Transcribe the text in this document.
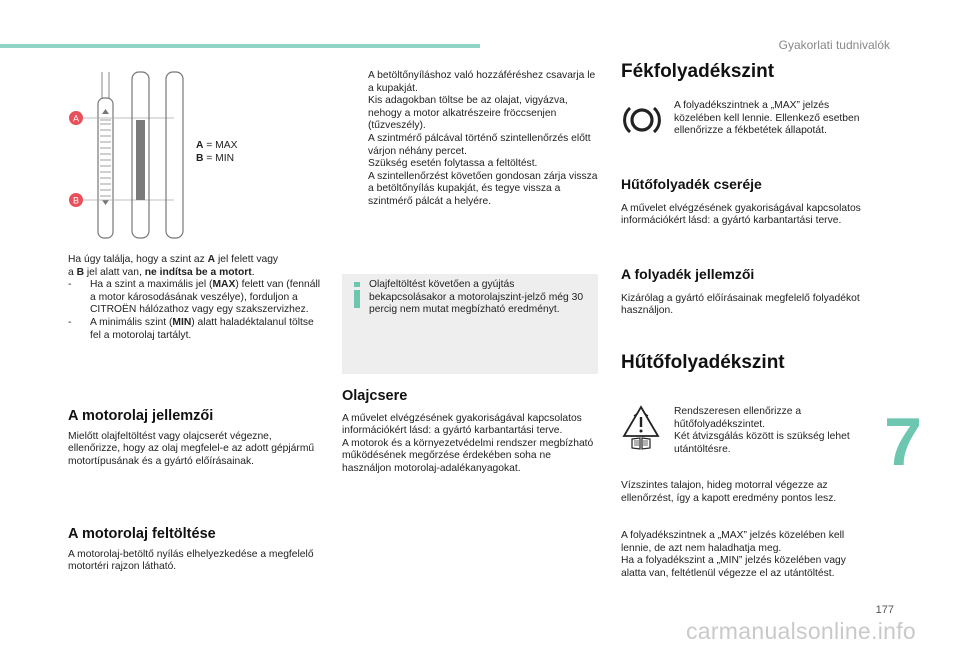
Gyakorlati tudnivalók
A
B
A = MAX
B = MIN

Ha úgy találja, hogy a szint az A jel felett vagy
a B jel alatt van, ne indítsa be a motort.

- Ha a szint a maximális jel (MAX) felett van (fennáll a motor károsodásának veszélye), forduljon a CITROËN hálózathoz vagy egy szakszervizhez.
- A minimális szint (MIN) alatt haladéktalanul töltse fel a motorolaj tartályt.
A motorolaj jellemzői

Mielőtt olajfeltöltést vagy olajcserét végezne, ellenőrizze, hogy az olaj megfelel-e az adott gépjármű motortípusának és a gyártó előírásainak.

A motorolaj feltöltése

A motorolaj-betöltő nyílás elhelyezkedése a megfelelő motortéri rajzon látható.

A betöltőnyíláshoz való hozzáféréshez csavarja le a kupakját.
Kis adagokban töltse be az olajat, vigyázva, nehogy a motor alkatrészeire fröccsenjen (tűzveszély).
A szintmérő pálcával történő szintellenőrzés előtt várjon néhány percet.
Szükség esetén folytassa a feltöltést.
A szintellenőrzést követően gondosan zárja vissza a betöltőnyílás kupakját, és tegye vissza a szintmérő pálcát a helyére.

Olajfeltöltést követően a gyújtás bekapcsolásakor a motorolajszint-jelző még 30 percig nem mutat megbízható eredményt.

Olajcsere

A művelet elvégzésének gyakoriságával kapcsolatos információkért lásd: a gyártó karbantartási terve.

A motorok és a környezetvédelmi rendszer megbízható működésének megőrzése érdekében soha ne használjon motorolaj-adalékanyagokat.

Fékfolyadékszint

A folyadékszintnek a „MAX” jelzés közelében kell lennie. Ellenkező esetben ellenőrizze a fékbetétek állapotát.

Hűtőfolyadék cseréje

A művelet elvégzésének gyakoriságával kapcsolatos információkért lásd: a gyártó karbantartási terve.

A folyadék jellemzői

Kizárólag a gyártó előírásainak megfelelő folyadékot használjon.

Hűtőfolyadékszint

Rendszeresen ellenőrizze a hűtőfolyadékszintet.
Két átvizsgálás között is szükség lehet utántöltésre.

Vízszintes talajon, hideg motorral végezze az ellenőrzést, így a kapott eredmény pontos lesz.

A folyadékszintnek a „MAX” jelzés közelében kell lennie, de azt nem haladhatja meg.
Ha a folyadékszint a „MIN” jelzés közelében vagy alatta van, feltétlenül végezze el az utántöltést.

7
177
carmanualsonline.info
